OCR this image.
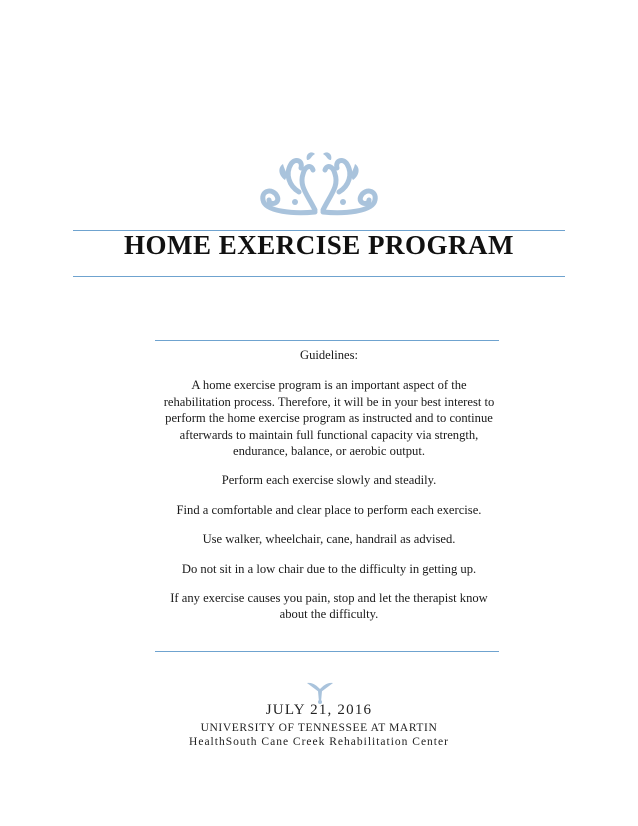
HOME EXERCISE PROGRAM

Guidelines:

A home exercise program is an important aspect of the rehabilitation process. Therefore, it will be in your best interest to perform the home exercise program as instructed and to continue afterwards to maintain full functional capacity via strength, endurance, balance, or aerobic output.

Perform each exercise slowly and steadily.

Find a comfortable and clear place to perform each exercise.

Use walker, wheelchair, cane, handrail as advised.

Do not sit in a low chair due to the difficulty in getting up.

If any exercise causes you pain, stop and let the therapist know about the difficulty.

JULY 21, 2016
UNIVERSITY OF TENNESSEE AT MARTIN
HealthSouth Cane Creek Rehabilitation Center
